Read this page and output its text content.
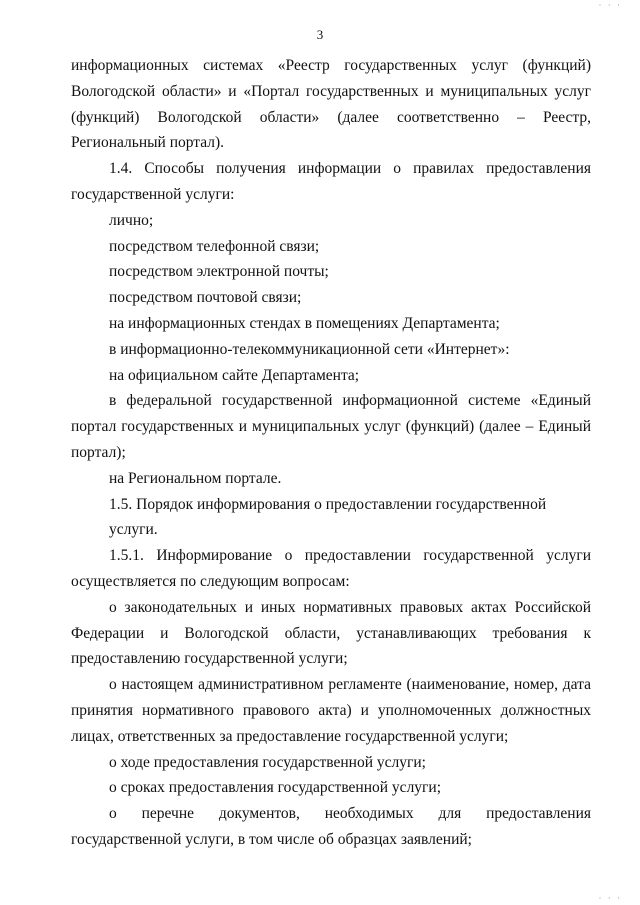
· · ·
3

информационных системах «Реестр государственных услуг (функций)

Вологодской области» и «Портал государственных и муниципальных услуг

(функций) Вологодской области» (далее соответственно – Реестр,

Региональный портал).

1.4. Способы получения информации о правилах предоставления

государственной услуги:

лично;

посредством телефонной связи;

посредством электронной почты;

посредством почтовой связи;

на информационных стендах в помещениях Департамента;

в информационно-телекоммуникационной сети «Интернет»:

на официальном сайте Департамента;

в федеральной государственной информационной системе «Единый

портал государственных и муниципальных услуг (функций) (далее – Единый

портал);

на Региональном портале.

1.5. Порядок информирования о предоставлении государственной услуги.

1.5.1. Информирование о предоставлении государственной услуги

осуществляется по следующим вопросам:

о законодательных и иных нормативных правовых актах Российской

Федерации и Вологодской области, устанавливающих требования к

предоставлению государственной услуги;

о настоящем административном регламенте (наименование, номер, дата

принятия нормативного правового акта) и уполномоченных должностных

лицах, ответственных за предоставление государственной услуги;

о ходе предоставления государственной услуги;

о сроках предоставления государственной услуги;

о перечне документов, необходимых для предоставления

государственной услуги, в том числе об образцах заявлений;

· · ·
